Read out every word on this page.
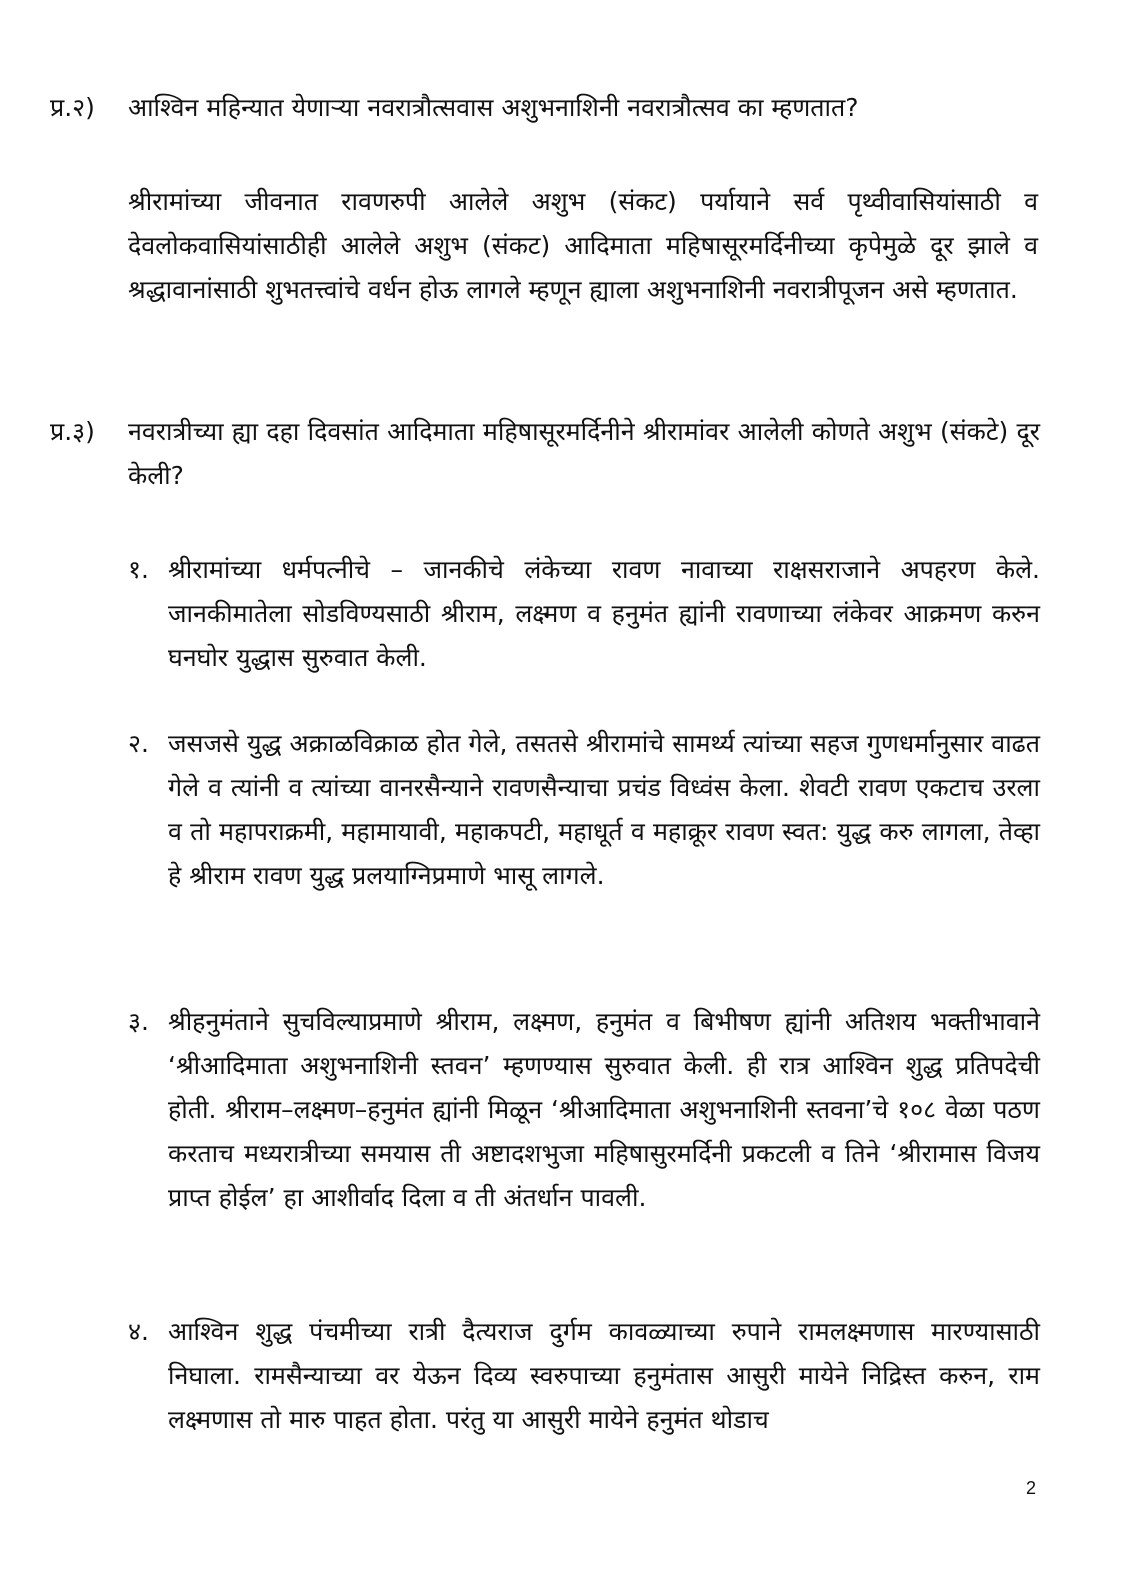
प्र.२)	आश्विन महिन्यात येणाऱ्या नवरात्रौत्सवास अशुभनाशिनी नवरात्रौत्सव का म्हणतात?

श्रीरामांच्या जीवनात रावणरुपी आलेले अशुभ (संकट) पर्यायाने सर्व पृथ्वीवासियांसाठी व देवलोकवासियांसाठीही आलेले अशुभ (संकट) आदिमाता महिषासूरमर्दिनीच्या कृपेमुळे दूर झाले व श्रद्धावानांसाठी शुभतत्त्वांचे वर्धन होऊ लागले म्हणून ह्याला अशुभनाशिनी नवरात्रीपूजन असे म्हणतात.

प्र.३)	नवरात्रीच्या ह्या दहा दिवसांत आदिमाता महिषासूरमर्दिनीने श्रीरामांवर आलेली कोणते अशुभ (संकटे) दूर केली?
१. श्रीरामांच्या धर्मपत्नीचे – जानकीचे लंकेच्या रावण नावाच्या राक्षसराजाने अपहरण केले. जानकीमातेला सोडविण्यसाठी श्रीराम, लक्ष्मण व हनुमंत ह्यांनी रावणाच्या लंकेवर आक्रमण करुन घनघोर युद्धास सुरुवात केली.

२. जसजसे युद्ध अक्राळविक्राळ होत गेले, तसतसे श्रीरामांचे सामर्थ्य त्यांच्या सहज गुणधर्मानुसार वाढत गेले व त्यांनी व त्यांच्या वानरसैन्याने रावणसैन्याचा प्रचंड विध्वंस केला. शेवटी रावण एकटाच उरला व तो महापराक्रमी, महामायावी, महाकपटी, महाधूर्त व महाक्रूर रावण स्वत: युद्ध करु लागला, तेव्हा हे श्रीराम रावण युद्ध प्रलयाग्निप्रमाणे भासू लागले.

३. श्रीहनुमंताने सुचविल्याप्रमाणे श्रीराम, लक्ष्मण, हनुमंत व बिभीषण ह्यांनी अतिशय भक्तीभावाने ‘श्रीआदिमाता अशुभनाशिनी स्तवन’ म्हणण्यास सुरुवात केली. ही रात्र आश्विन शुद्ध प्रतिपदेची होती. श्रीराम–लक्ष्मण–हनुमंत ह्यांनी मिळून ‘श्रीआदिमाता अशुभनाशिनी स्तवना’चे १०८ वेळा पठण करताच मध्यरात्रीच्या समयास ती अष्टादशभुजा महिषासुरमर्दिनी प्रकटली व तिने ‘श्रीरामास विजय प्राप्त होईल’ हा आशीर्वाद दिला व ती अंतर्धान पावली.

४. आश्विन शुद्ध पंचमीच्या रात्री दैत्यराज दुर्गम कावळ्याच्या रुपाने रामलक्ष्मणास मारण्यासाठी निघाला. रामसैन्याच्या वर येऊन दिव्य स्वरुपाच्या हनुमंतास आसुरी मायेने निद्रिस्त करुन, राम लक्ष्मणास तो मारु पाहत होता. परंतु या आसुरी मायेने हनुमंत थोडाच

2
